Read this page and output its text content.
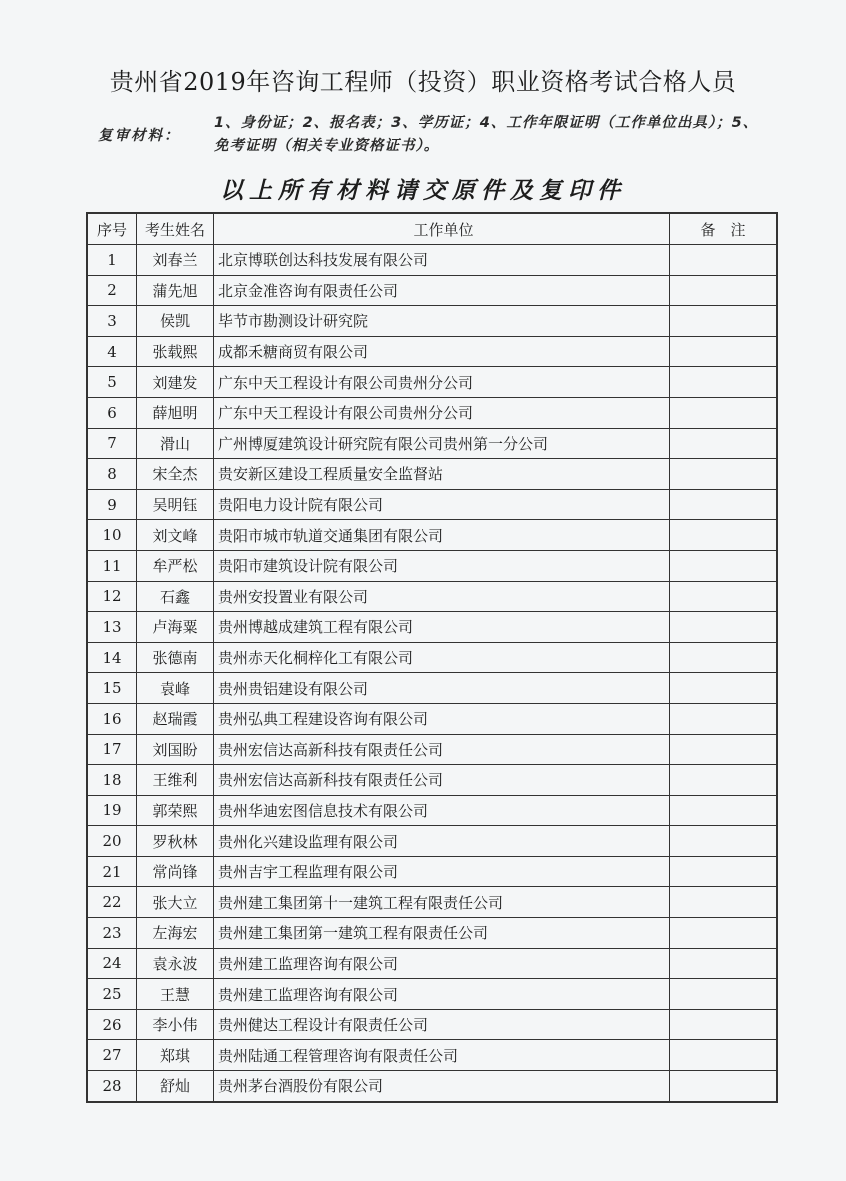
贵州省2019年咨询工程师（投资）职业资格考试合格人员
复审材料：
1、身份证；2、报名表；3、学历证；4、工作年限证明（工作单位出具）；5、免考证明（相关专业资格证书）。
以上所有材料请交原件及复印件
序号	考生姓名	工作单位	备　注
1	刘春兰	北京博联创达科技发展有限公司	
2	蒲先旭	北京金准咨询有限责任公司	
3	侯凯	毕节市勘测设计研究院	
4	张载熙	成都禾糖商贸有限公司	
5	刘建发	广东中天工程设计有限公司贵州分公司	
6	薛旭明	广东中天工程设计有限公司贵州分公司	
7	滑山	广州博厦建筑设计研究院有限公司贵州第一分公司	
8	宋全杰	贵安新区建设工程质量安全监督站	
9	吴明钰	贵阳电力设计院有限公司	
10	刘文峰	贵阳市城市轨道交通集团有限公司	
11	牟严松	贵阳市建筑设计院有限公司	
12	石鑫	贵州安投置业有限公司	
13	卢海粟	贵州博越成建筑工程有限公司	
14	张德南	贵州赤天化桐梓化工有限公司	
15	袁峰	贵州贵铝建设有限公司	
16	赵瑞霞	贵州弘典工程建设咨询有限公司	
17	刘国盼	贵州宏信达高新科技有限责任公司	
18	王维利	贵州宏信达高新科技有限责任公司	
19	郭荣熙	贵州华迪宏图信息技术有限公司	
20	罗秋林	贵州化兴建设监理有限公司	
21	常尚锋	贵州吉宇工程监理有限公司	
22	张大立	贵州建工集团第十一建筑工程有限责任公司	
23	左海宏	贵州建工集团第一建筑工程有限责任公司	
24	袁永波	贵州建工监理咨询有限公司	
25	王慧	贵州建工监理咨询有限公司	
26	李小伟	贵州健达工程设计有限责任公司	
27	郑琪	贵州陆通工程管理咨询有限责任公司	
28	舒灿	贵州茅台酒股份有限公司	
